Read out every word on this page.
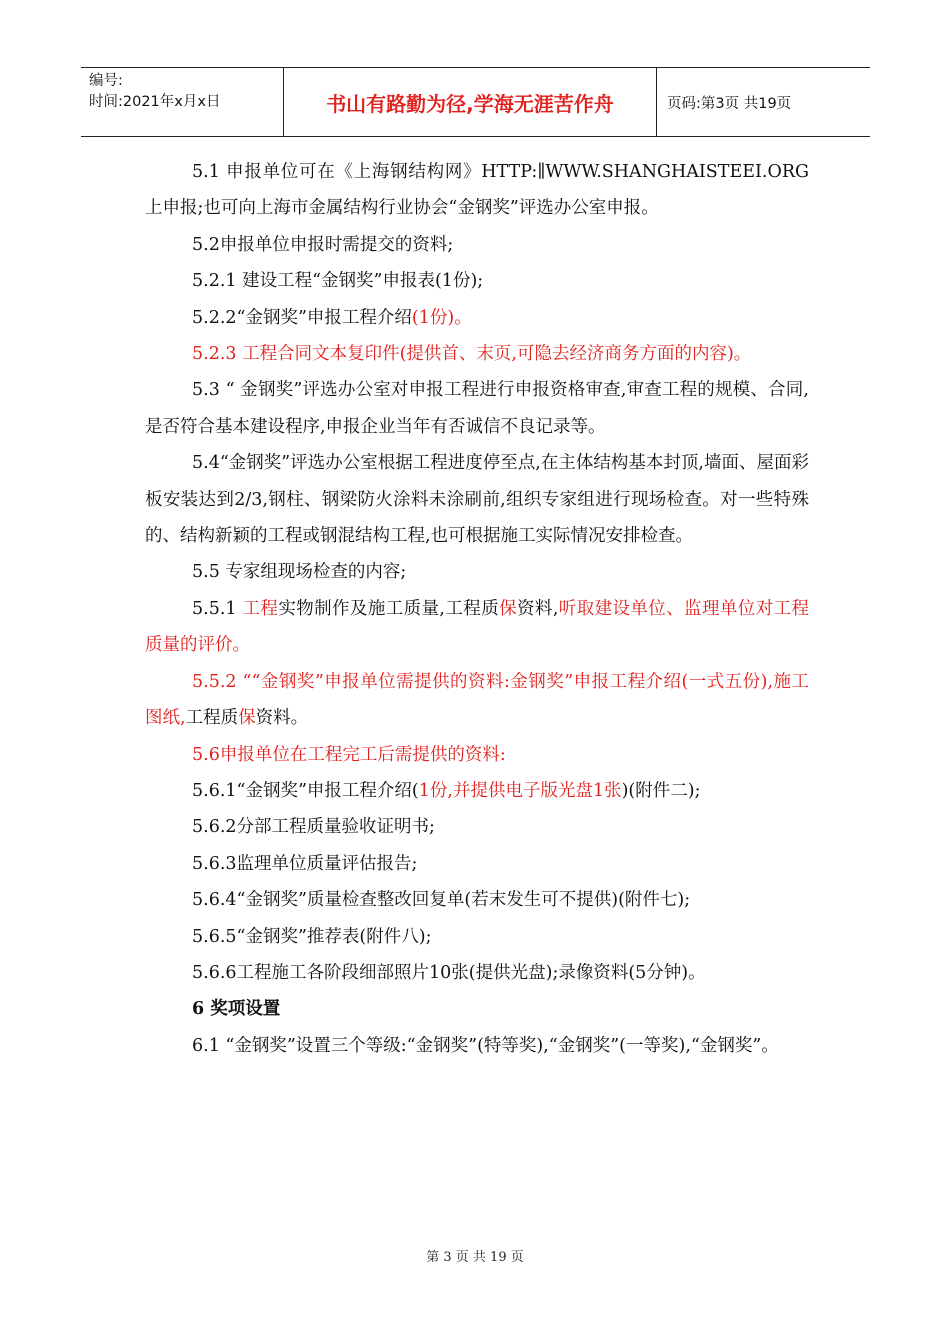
编号:
时间:2021年x月x日	书山有路勤为径,学海无涯苦作舟	页码:第3页 共19页

5.1 申报单位可在《上海钢结构网》HTTP:∥WWW.SHANGHAISTEEI.ORG上申报;也可向上海市金属结构行业协会“金钢奖”评选办公室申报。

5.2申报单位申报时需提交的资料;

5.2.1 建设工程“金钢奖”申报表(1份);

5.2.2“金钢奖”申报工程介绍(1份)。

5.2.3 工程合同文本复印件(提供首、末页,可隐去经济商务方面的内容)。

5.3 “ 金钢奖”评选办公室对申报工程进行申报资格审查,审查工程的规模、合同,是否符合基本建设程序,申报企业当年有否诚信不良记录等。

5.4“金钢奖”评选办公室根据工程进度停至点,在主体结构基本封顶,墙面、屋面彩板安装达到2/3,钢柱、钢梁防火涂料未涂刷前,组织专家组进行现场检查。对一些特殊的、结构新颖的工程或钢混结构工程,也可根据施工实际情况安排检查。

5.5 专家组现场检查的内容;

5.5.1 工程实物制作及施工质量,工程质保资料,听取建设单位、监理单位对工程质量的评价。

5.5.2 ““金钢奖”申报单位需提供的资料:金钢奖”申报工程介绍(一式五份),施工图纸,工程质保资料。

5.6申报单位在工程完工后需提供的资料:

5.6.1“金钢奖”申报工程介绍(1份,并提供电子版光盘1张)(附件二);

5.6.2分部工程质量验收证明书;

5.6.3监理单位质量评估报告;

5.6.4“金钢奖”质量检查整改回复单(若末发生可不提供)(附件七);

5.6.5“金钢奖”推荐表(附件八);

5.6.6工程施工各阶段细部照片10张(提供光盘);录像资料(5分钟)。

6 奖项设置

6.1 “金钢奖”设置三个等级:“金钢奖”(特等奖),“金钢奖”(一等奖),“金钢奖”。

第 3 页 共 19 页
